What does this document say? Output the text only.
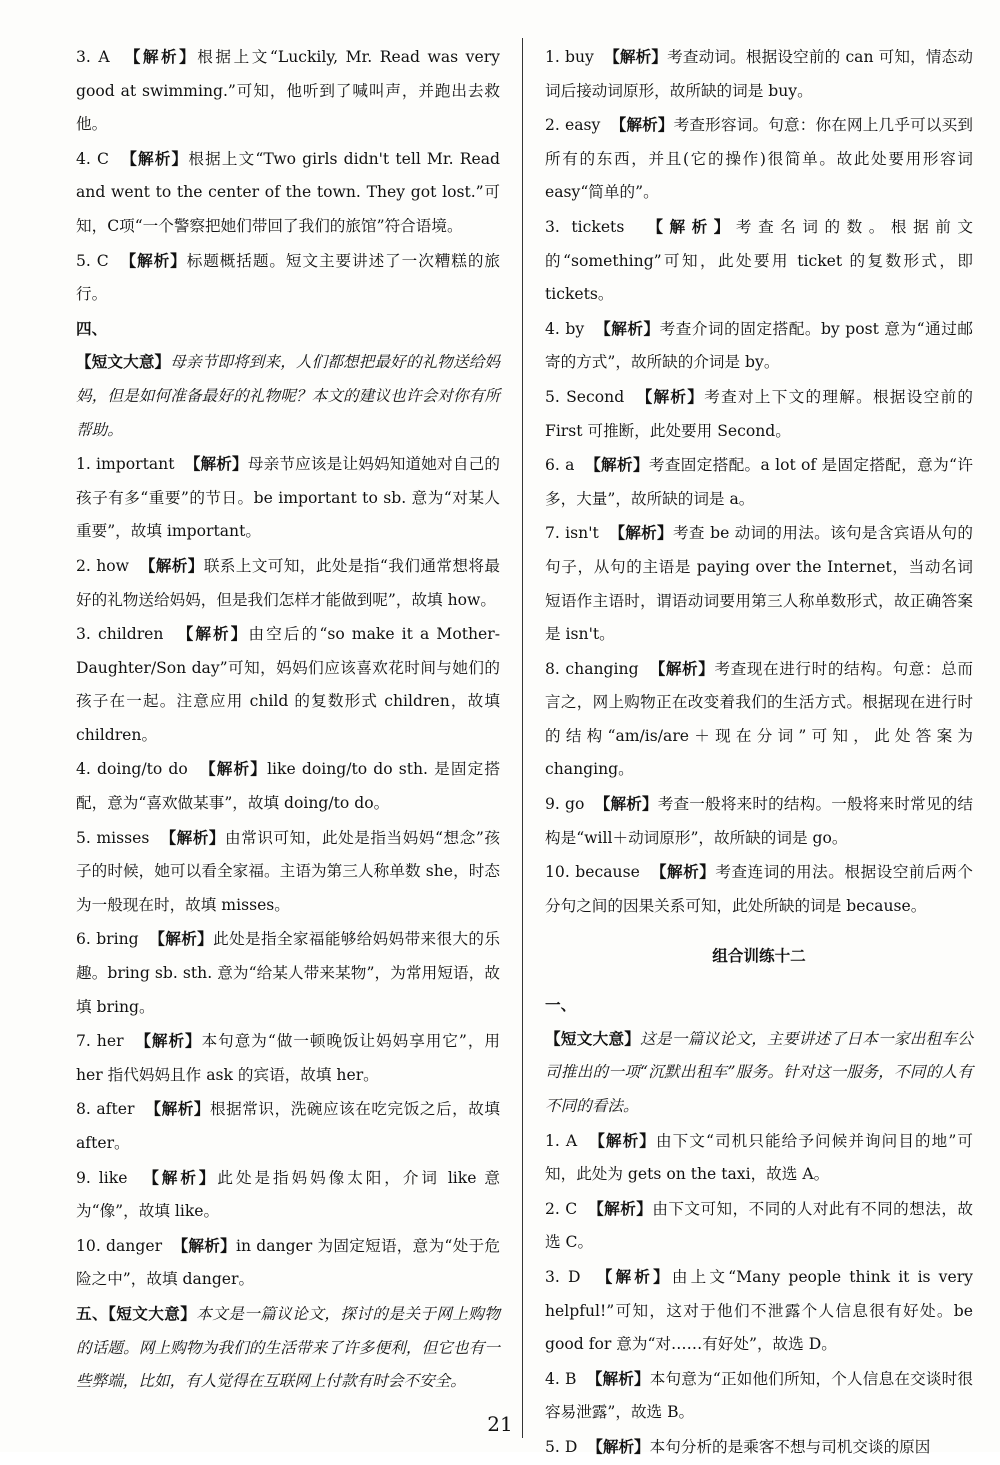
3. A 【解析】根据上文“Luckily, Mr. Read was very good at swimming.”可知，他听到了喊叫声，并跑出去救他。

4. C 【解析】根据上文“Two girls didn't tell Mr. Read and went to the center of the town. They got lost.”可知，C项“一个警察把她们带回了我们的旅馆”符合语境。

5. C 【解析】标题概括题。短文主要讲述了一次糟糕的旅行。

四、

【短文大意】母亲节即将到来，人们都想把最好的礼物送给妈妈，但是如何准备最好的礼物呢？本文的建议也许会对你有所帮助。

1. important 【解析】母亲节应该是让妈妈知道她对自己的孩子有多“重要”的节日。be important to sb. 意为“对某人重要”，故填 important。

2. how 【解析】联系上文可知，此处是指“我们通常想将最好的礼物送给妈妈，但是我们怎样才能做到呢”，故填 how。

3. children 【解析】由空后的“so make it a Mother-Daughter/Son day”可知，妈妈们应该喜欢花时间与她们的孩子在一起。注意应用 child 的复数形式 children，故填 children。

4. doing/to do 【解析】like doing/to do sth. 是固定搭配，意为“喜欢做某事”，故填 doing/to do。

5. misses 【解析】由常识可知，此处是指当妈妈“想念”孩子的时候，她可以看全家福。主语为第三人称单数 she，时态为一般现在时，故填 misses。

6. bring 【解析】此处是指全家福能够给妈妈带来很大的乐趣。bring sb. sth. 意为“给某人带来某物”，为常用短语，故填 bring。

7. her 【解析】本句意为“做一顿晚饭让妈妈享用它”，用 her 指代妈妈且作 ask 的宾语，故填 her。

8. after 【解析】根据常识，洗碗应该在吃完饭之后，故填 after。

9. like 【解析】此处是指妈妈像太阳，介词 like 意为“像”，故填 like。

10. danger 【解析】in danger 为固定短语，意为“处于危险之中”，故填 danger。

五、【短文大意】本文是一篇议论文，探讨的是关于网上购物的话题。网上购物为我们的生活带来了许多便利，但它也有一些弊端，比如，有人觉得在互联网上付款有时会不安全。

1. buy 【解析】考查动词。根据设空前的 can 可知，情态动词后接动词原形，故所缺的词是 buy。

2. easy 【解析】考查形容词。句意：你在网上几乎可以买到所有的东西，并且(它的操作)很简单。故此处要用形容词 easy“简单的”。

3. tickets 【解析】考查名词的数。根据前文的“something”可知，此处要用 ticket 的复数形式，即 tickets。

4. by 【解析】考查介词的固定搭配。by post 意为“通过邮寄的方式”，故所缺的介词是 by。

5. Second 【解析】考查对上下文的理解。根据设空前的 First 可推断，此处要用 Second。

6. a 【解析】考查固定搭配。a lot of 是固定搭配，意为“许多，大量”，故所缺的词是 a。

7. isn't 【解析】考查 be 动词的用法。该句是含宾语从句的句子，从句的主语是 paying over the Internet，当动名词短语作主语时，谓语动词要用第三人称单数形式，故正确答案是 isn't。

8. changing 【解析】考查现在进行时的结构。句意：总而言之，网上购物正在改变着我们的生活方式。根据现在进行时的结构“am/is/are＋现在分词”可知，此处答案为 changing。

9. go 【解析】考查一般将来时的结构。一般将来时常见的结构是“will＋动词原形”，故所缺的词是 go。

10. because 【解析】考查连词的用法。根据设空前后两个分句之间的因果关系可知，此处所缺的词是 because。

组合训练十二

一、

【短文大意】这是一篇议论文，主要讲述了日本一家出租车公司推出的一项“沉默出租车”服务。针对这一服务，不同的人有不同的看法。

1. A 【解析】由下文“司机只能给予问候并询问目的地”可知，此处为 gets on the taxi，故选 A。

2. C 【解析】由下文可知，不同的人对此有不同的想法，故选 C。

3. D 【解析】由上文“Many people think it is very helpful!”可知，这对于他们不泄露个人信息很有好处。be good for 意为“对……有好处”，故选 D。

4. B 【解析】本句意为“正如他们所知，个人信息在交谈时很容易泄露”，故选 B。

5. D 【解析】本句分析的是乘客不想与司机交谈的原因

21
